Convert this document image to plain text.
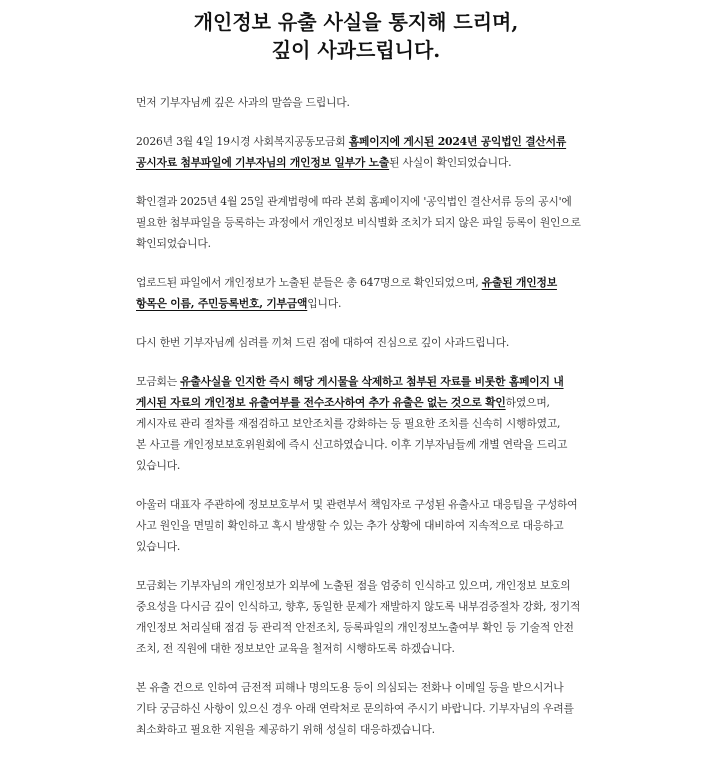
개인정보 유출 사실을 통지해 드리며,
깊이 사과드립니다.
먼저 기부자님께 깊은 사과의 말씀을 드립니다.
2026년 3월 4일 19시경 사회복지공동모금회 홈페이지에 게시된 2024년 공익법인 결산서류
공시자료 첨부파일에 기부자님의 개인정보 일부가 노출된 사실이 확인되었습니다.
확인결과 2025년 4월 25일 관계법령에 따라 본회 홈페이지에 '공익법인 결산서류 등의 공시'에
필요한 첨부파일을 등록하는 과정에서 개인정보 비식별화 조치가 되지 않은 파일 등록이 원인으로
확인되었습니다.
업로드된 파일에서 개인정보가 노출된 분들은 총 647명으로 확인되었으며, 유출된 개인정보
항목은 이름, 주민등록번호, 기부금액입니다.
다시 한번 기부자님께 심려를 끼쳐 드린 점에 대하여 진심으로 깊이 사과드립니다.
모금회는 유출사실을 인지한 즉시 해당 게시물을 삭제하고 첨부된 자료를 비롯한 홈페이지 내
게시된 자료의 개인정보 유출여부를 전수조사하여 추가 유출은 없는 것으로 확인하였으며,
게시자료 관리 절차를 재점검하고 보안조치를 강화하는 등 필요한 조치를 신속히 시행하였고,
본 사고를 개인정보보호위원회에 즉시 신고하였습니다. 이후 기부자님들께 개별 연락을 드리고
있습니다.
아울러 대표자 주관하에 정보보호부서 및 관련부서 책임자로 구성된 유출사고 대응팀을 구성하여
사고 원인을 면밀히 확인하고 혹시 발생할 수 있는 추가 상황에 대비하여 지속적으로 대응하고
있습니다.
모금회는 기부자님의 개인정보가 외부에 노출된 점을 엄중히 인식하고 있으며, 개인정보 보호의
중요성을 다시금 깊이 인식하고, 향후, 동일한 문제가 재발하지 않도록 내부검증절차 강화, 정기적
개인정보 처리실태 점검 등 관리적 안전조치, 등록파일의 개인정보노출여부 확인 등 기술적 안전
조치, 전 직원에 대한 정보보안 교육을 철저히 시행하도록 하겠습니다.
본 유출 건으로 인하여 금전적 피해나 명의도용 등이 의심되는 전화나 이메일 등을 받으시거나
기타 궁금하신 사항이 있으신 경우 아래 연락처로 문의하여 주시기 바랍니다. 기부자님의 우려를
최소화하고 필요한 지원을 제공하기 위해 성실히 대응하겠습니다.
